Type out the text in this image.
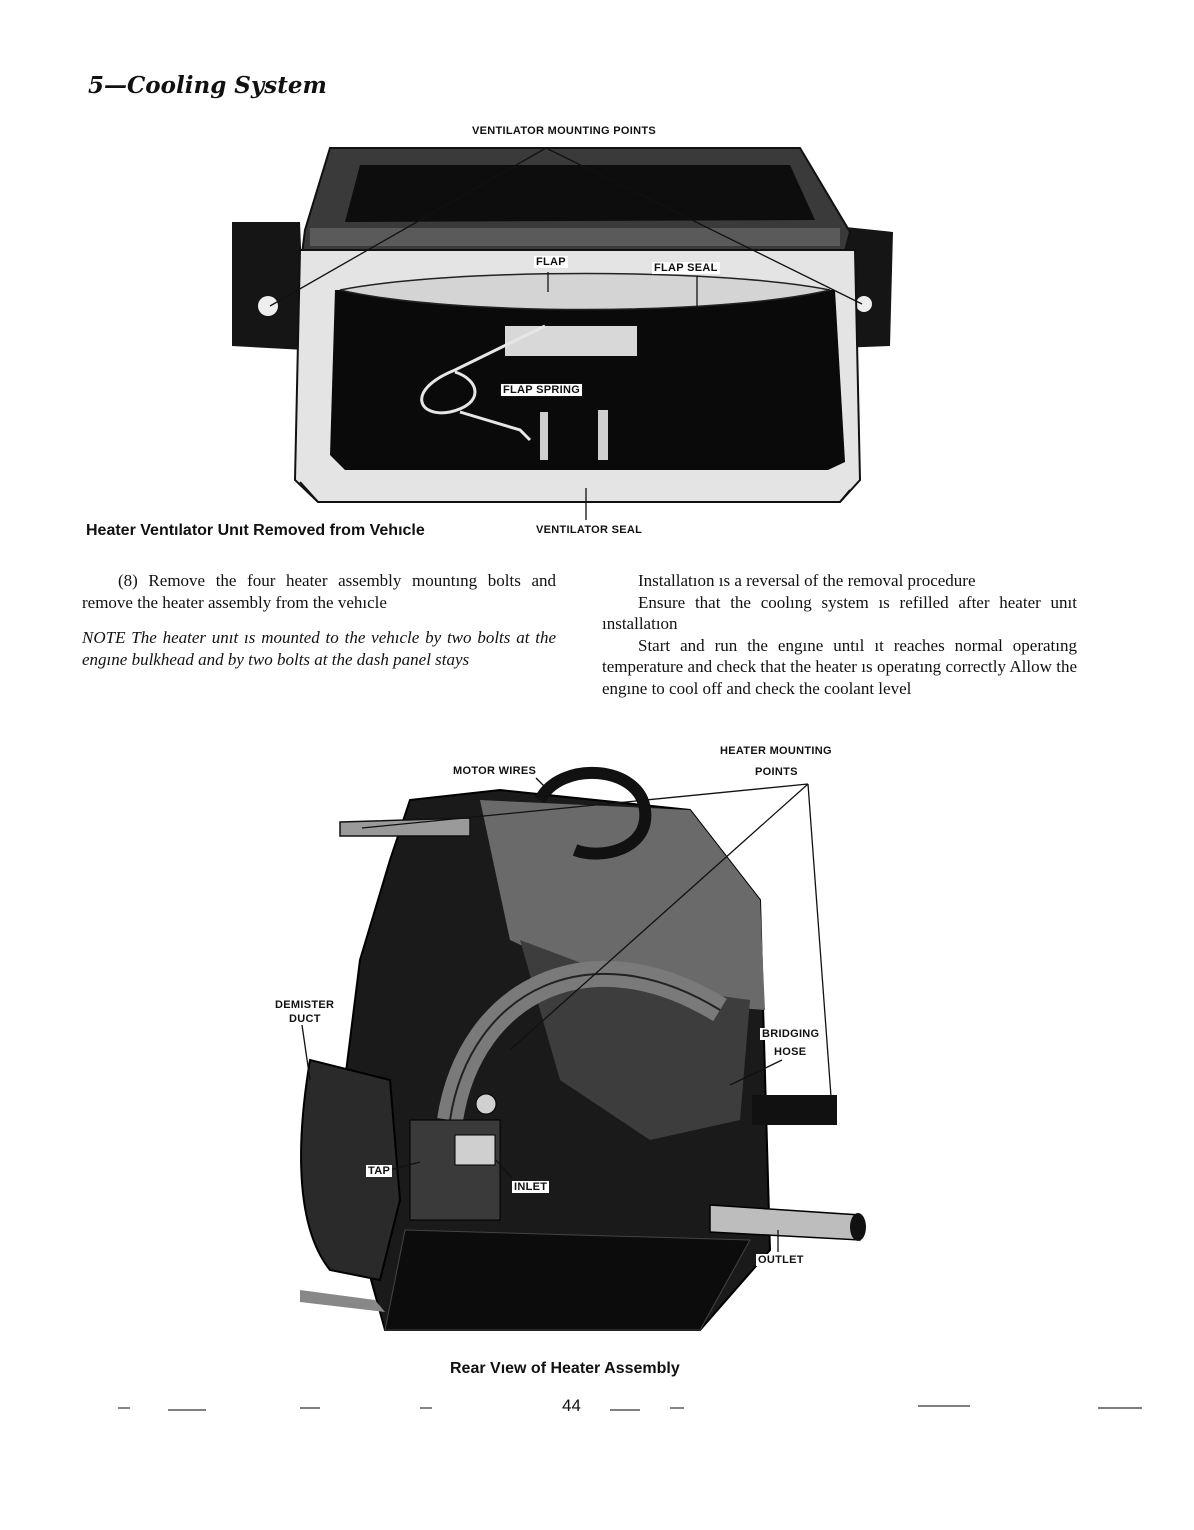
5—Cooling System
VENTILATOR MOUNTING POINTS
FLAP	FLAP SEAL
FLAP SPRING
VENTILATOR SEAL
Heater Ventılator Unıt Removed from Vehıcle

(8) Remove the four heater assembly mountıng bolts and remove the heater assembly from the vehıcle

NOTE The heater unıt ıs mounted to the vehıcle by two bolts at the engıne bulkhead and by two bolts at the dash panel stays

Installatıon ıs a reversal of the removal procedure

Ensure that the coolıng system ıs refilled after heater unıt ınstallatıon

Start and run the engıne untıl ıt reaches normal operatıng temperature and check that the heater ıs operatıng correctly Allow the engıne to cool off and check the coolant level

MOTOR WIRES
HEATER MOUNTING
POINTS
DEMISTER
DUCT
BRIDGING
HOSE
TAP
INLET
OUTLET
Rear Vıew of Heater Assembly
44
